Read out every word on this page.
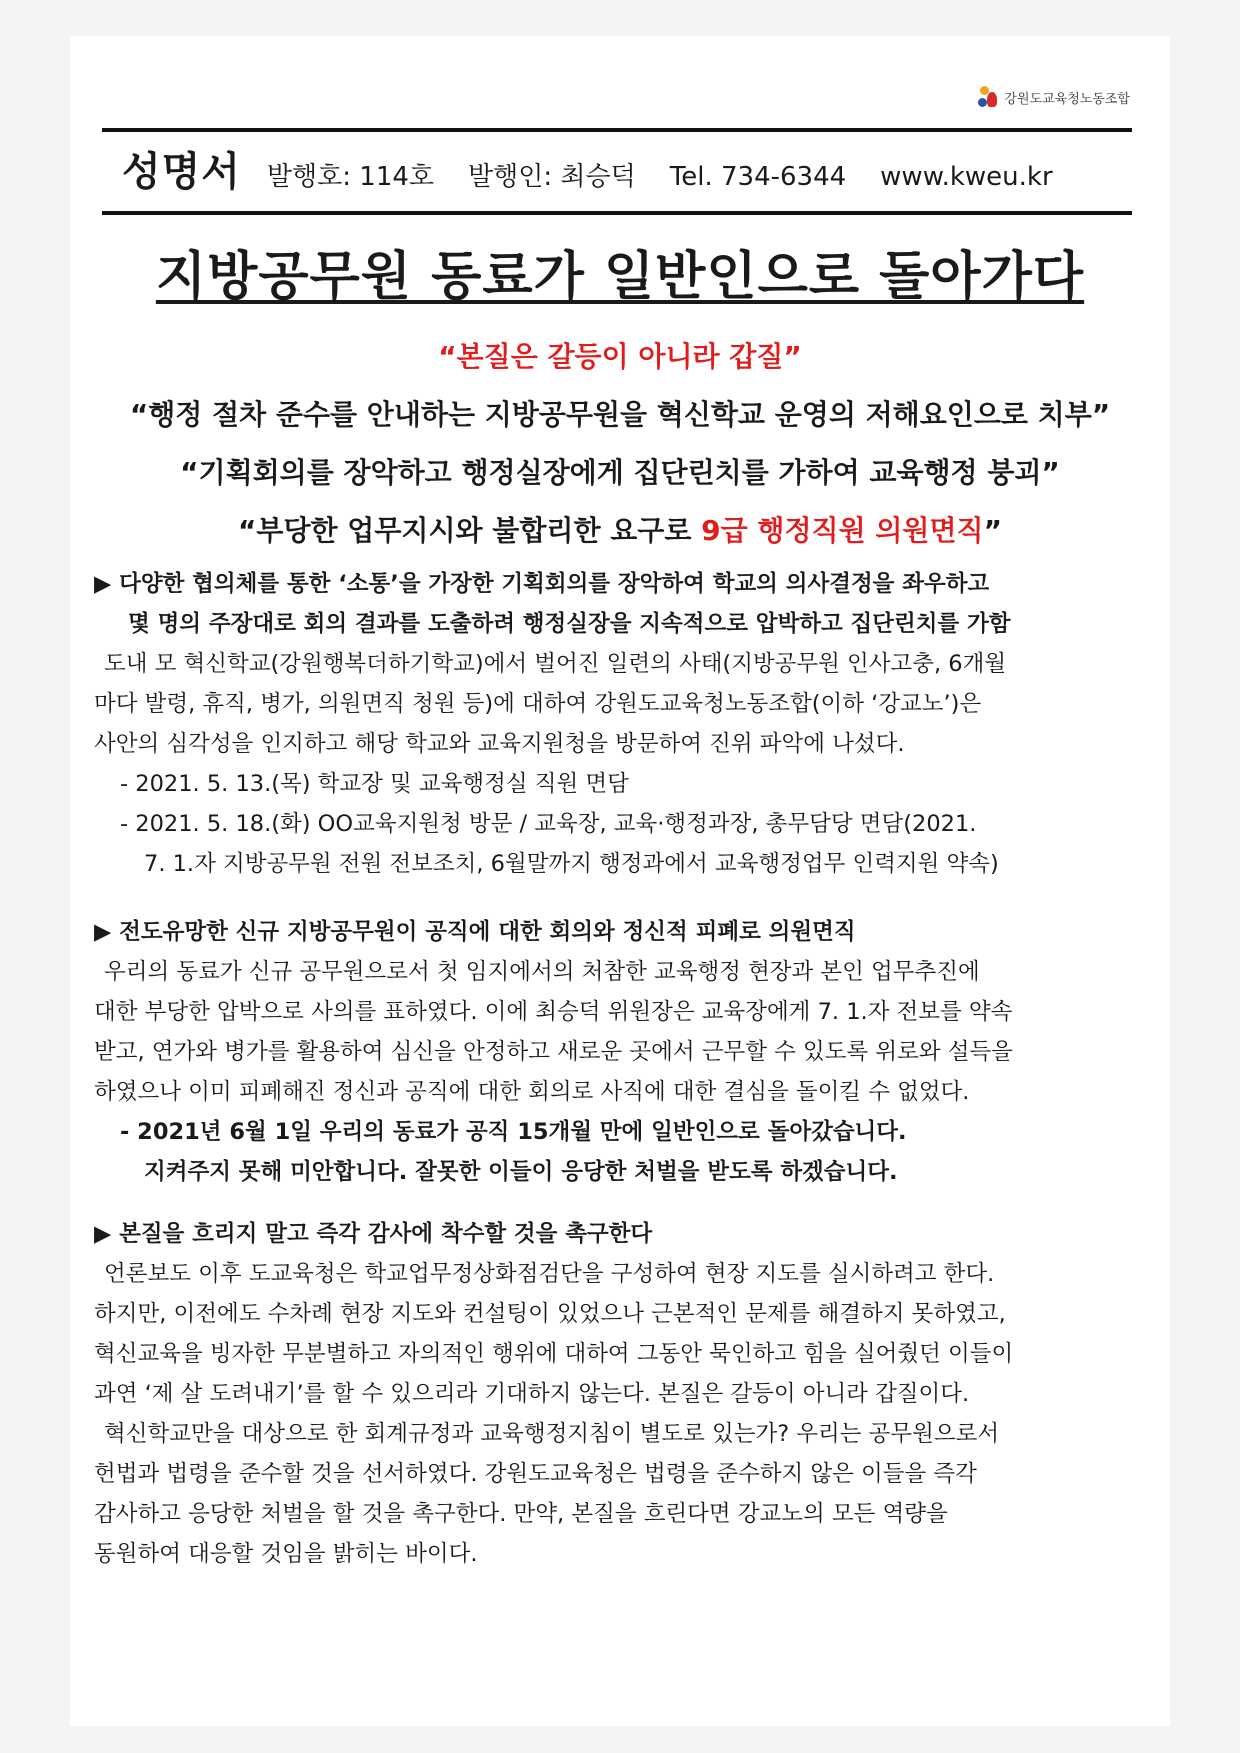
강원도교육청노동조합
성명서 발행호: 114호 발행인: 최승덕 Tel. 734-6344 www.kweu.kr
지방공무원 동료가 일반인으로 돌아가다
“본질은 갈등이 아니라 갑질”
“행정 절차 준수를 안내하는 지방공무원을 혁신학교 운영의 저해요인으로 치부”
“기획회의를 장악하고 행정실장에게 집단린치를 가하여 교육행정 붕괴”
“부당한 업무지시와 불합리한 요구로 9급 행정직원 의원면직”
▶ 다양한 협의체를 통한 ‘소통’을 가장한 기획회의를 장악하여 학교의 의사결정을 좌우하고
몇 명의 주장대로 회의 결과를 도출하려 행정실장을 지속적으로 압박하고 집단린치를 가함
도내 모 혁신학교(강원행복더하기학교)에서 벌어진 일련의 사태(지방공무원 인사고충, 6개월
마다 발령, 휴직, 병가, 의원면직 청원 등)에 대하여 강원도교육청노동조합(이하 ‘강교노’)은
사안의 심각성을 인지하고 해당 학교와 교육지원청을 방문하여 진위 파악에 나섰다.
- 2021. 5. 13.(목) 학교장 및 교육행정실 직원 면담
- 2021. 5. 18.(화) OO교육지원청 방문 / 교육장, 교육·행정과장, 총무담당 면담(2021.
7. 1.자 지방공무원 전원 전보조치, 6월말까지 행정과에서 교육행정업무 인력지원 약속)
▶ 전도유망한 신규 지방공무원이 공직에 대한 회의와 정신적 피폐로 의원면직
우리의 동료가 신규 공무원으로서 첫 임지에서의 처참한 교육행정 현장과 본인 업무추진에
대한 부당한 압박으로 사의를 표하였다. 이에 최승덕 위원장은 교육장에게 7. 1.자 전보를 약속
받고, 연가와 병가를 활용하여 심신을 안정하고 새로운 곳에서 근무할 수 있도록 위로와 설득을
하였으나 이미 피폐해진 정신과 공직에 대한 회의로 사직에 대한 결심을 돌이킬 수 없었다.
- 2021년 6월 1일 우리의 동료가 공직 15개월 만에 일반인으로 돌아갔습니다.
지켜주지 못해 미안합니다. 잘못한 이들이 응당한 처벌을 받도록 하겠습니다.
▶ 본질을 흐리지 말고 즉각 감사에 착수할 것을 촉구한다
언론보도 이후 도교육청은 학교업무정상화점검단을 구성하여 현장 지도를 실시하려고 한다.
하지만, 이전에도 수차례 현장 지도와 컨설팅이 있었으나 근본적인 문제를 해결하지 못하였고,
혁신교육을 빙자한 무분별하고 자의적인 행위에 대하여 그동안 묵인하고 힘을 실어줬던 이들이
과연 ‘제 살 도려내기’를 할 수 있으리라 기대하지 않는다. 본질은 갈등이 아니라 갑질이다.
혁신학교만을 대상으로 한 회계규정과 교육행정지침이 별도로 있는가? 우리는 공무원으로서
헌법과 법령을 준수할 것을 선서하였다. 강원도교육청은 법령을 준수하지 않은 이들을 즉각
감사하고 응당한 처벌을 할 것을 촉구한다. 만약, 본질을 흐린다면 강교노의 모든 역량을
동원하여 대응할 것임을 밝히는 바이다.
